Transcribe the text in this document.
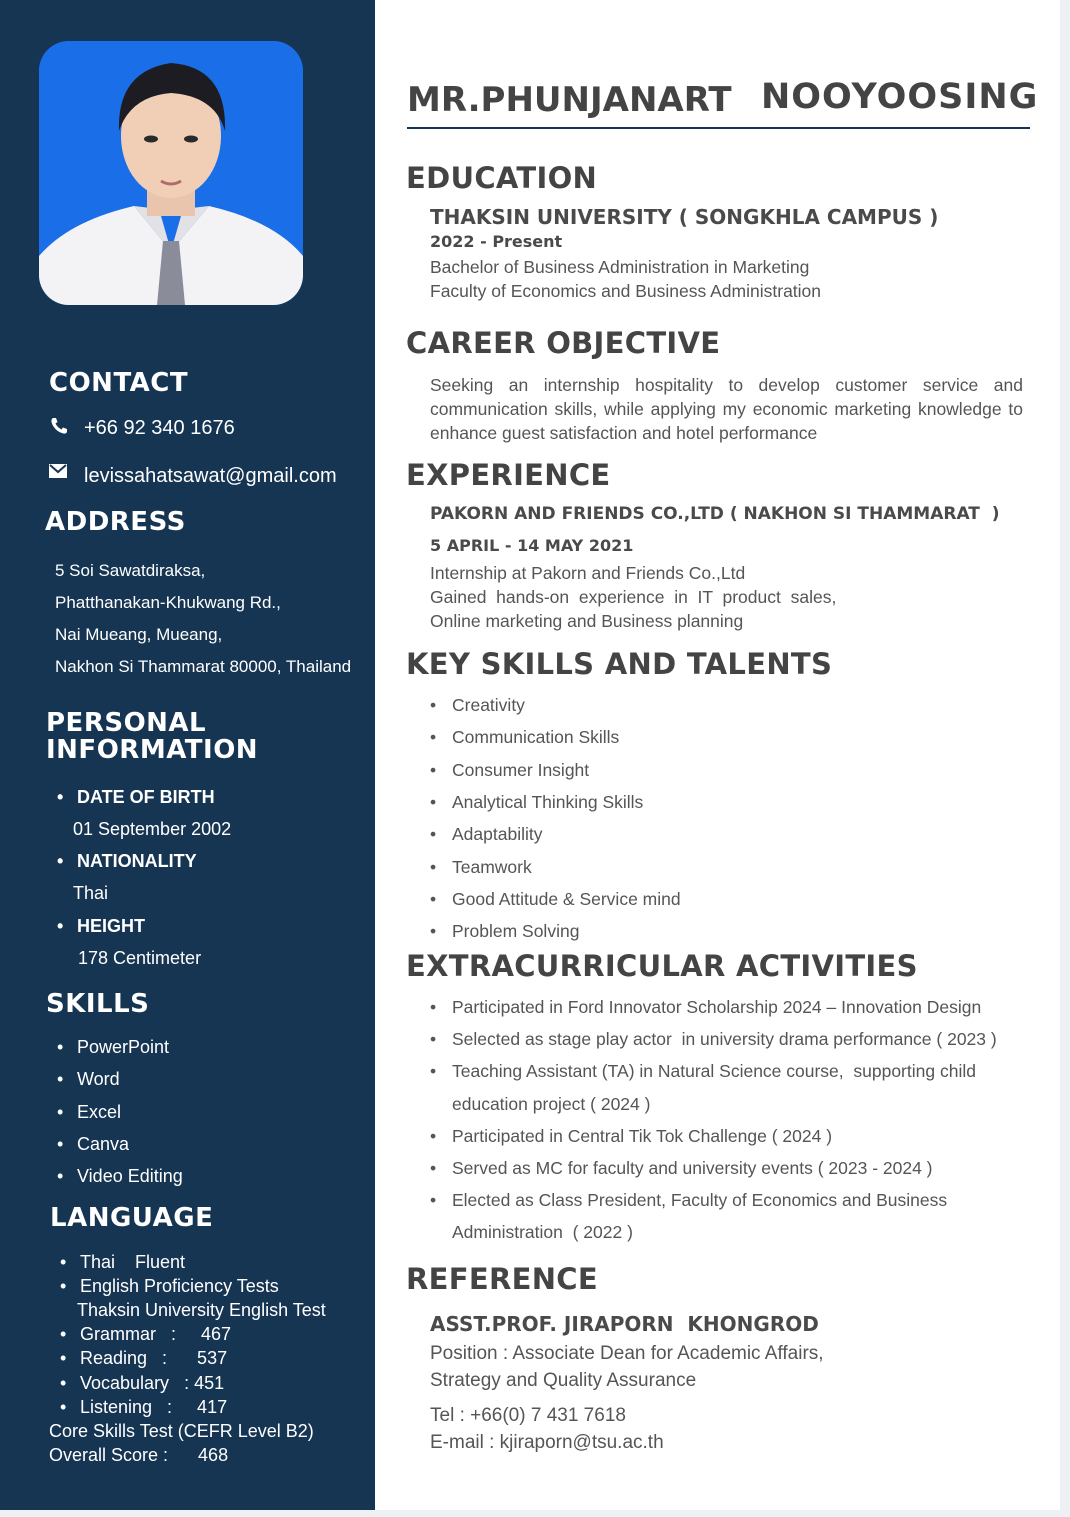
CONTACT
+66 92 340 1676
levissahatsawat@gmail.com
ADDRESS
5 Soi Sawatdiraksa,
Phatthanakan-Khukwang Rd.,
Nai Mueang, Mueang,
Nakhon Si Thammarat 80000, Thailand
PERSONAL
INFORMATION
• DATE OF BIRTH
01 September 2002
• NATIONALITY
Thai
• HEIGHT
178 Centimeter
SKILLS
• PowerPoint
• Word
• Excel
• Canva
• Video Editing
LANGUAGE
• Thai    Fluent
• English Proficiency Tests
Thaksin University English Test
• Grammar   :     467
• Reading   :      537
• Vocabulary   : 451
• Listening   :     417
Core Skills Test (CEFR Level B2)
Overall Score :      468
MR.PHUNJANART NOOYOOSING
EDUCATION
THAKSIN UNIVERSITY ( SONGKHLA CAMPUS )
2022 - Present
Bachelor of Business Administration in Marketing
Faculty of Economics and Business Administration
CAREER OBJECTIVE
Seeking an internship hospitality to develop customer service and communication skills, while applying my economic marketing knowledge to enhance guest satisfaction and hotel performance
EXPERIENCE
PAKORN AND FRIENDS CO.,LTD ( NAKHON SI THAMMARAT  )
5 APRIL - 14 MAY 2021
Internship at Pakorn and Friends Co.,Ltd
Gained  hands-on  experience  in  IT  product  sales,
Online marketing and Business planning
KEY SKILLS AND TALENTS
• Creativity
• Communication Skills
• Consumer Insight
• Analytical Thinking Skills
• Adaptability
• Teamwork
• Good Attitude & Service mind
• Problem Solving
EXTRACURRICULAR ACTIVITIES
• Participated in Ford Innovator Scholarship 2024 – Innovation Design
• Selected as stage play actor  in university drama performance ( 2023 )
• Teaching Assistant (TA) in Natural Science course,  supporting child
education project ( 2024 )
• Participated in Central Tik Tok Challenge ( 2024 )
• Served as MC for faculty and university events ( 2023 - 2024 )
• Elected as Class President, Faculty of Economics and Business
Administration  ( 2022 )
REFERENCE
ASST.PROF. JIRAPORN  KHONGROD
Position : Associate Dean for Academic Affairs,
Strategy and Quality Assurance
Tel : +66(0) 7 431 7618
E-mail : kjiraporn@tsu.ac.th
